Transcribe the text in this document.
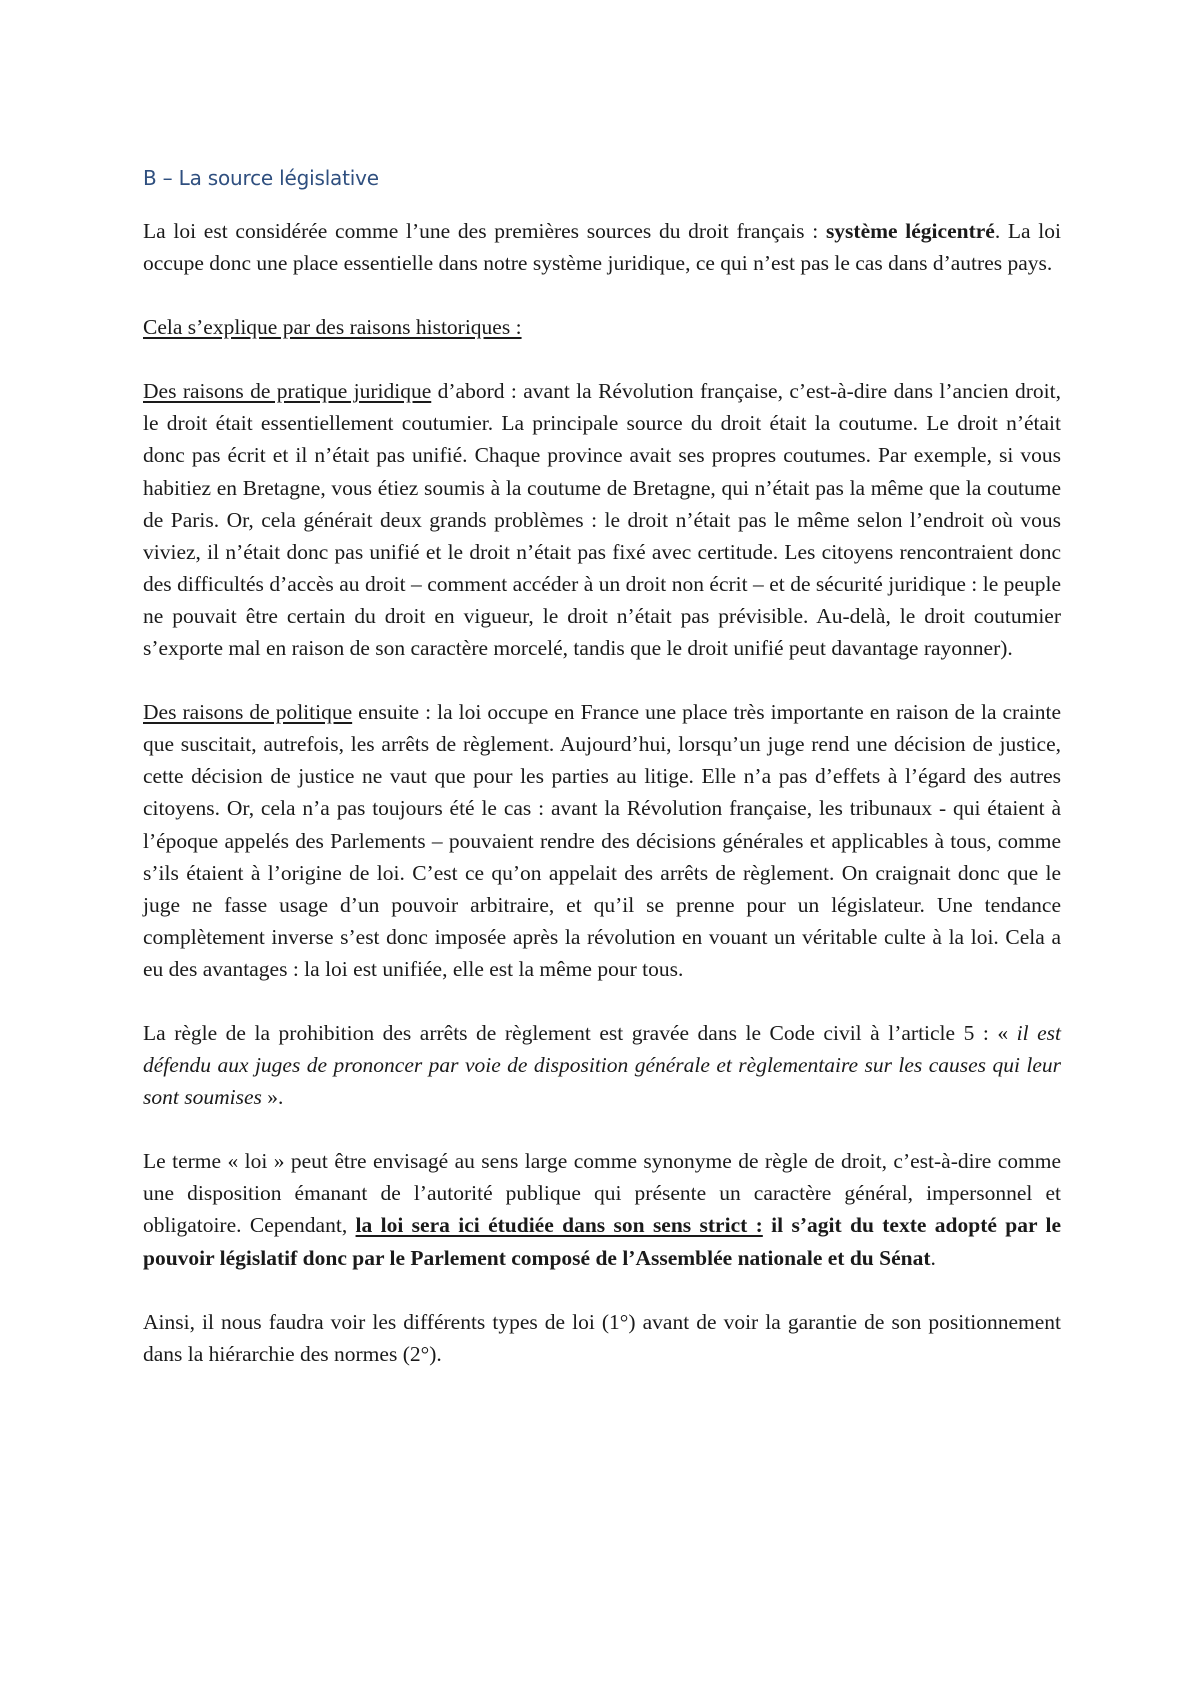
B – La source législative

La loi est considérée comme l’une des premières sources du droit français : système légicentré. La loi occupe donc une place essentielle dans notre système juridique, ce qui n’est pas le cas dans d’autres pays.

Cela s’explique par des raisons historiques :

Des raisons de pratique juridique d’abord : avant la Révolution française, c’est-à-dire dans l’ancien droit, le droit était essentiellement coutumier. La principale source du droit était la coutume. Le droit n’était donc pas écrit et il n’était pas unifié. Chaque province avait ses propres coutumes. Par exemple, si vous habitiez en Bretagne, vous étiez soumis à la coutume de Bretagne, qui n’était pas la même que la coutume de Paris. Or, cela générait deux grands problèmes : le droit n’était pas le même selon l’endroit où vous viviez, il n’était donc pas unifié et le droit n’était pas fixé avec certitude. Les citoyens rencontraient donc des difficultés d’accès au droit – comment accéder à un droit non écrit – et de sécurité juridique : le peuple ne pouvait être certain du droit en vigueur, le droit n’était pas prévisible. Au-delà, le droit coutumier s’exporte mal en raison de son caractère morcelé, tandis que le droit unifié peut davantage rayonner).

Des raisons de politique ensuite : la loi occupe en France une place très importante en raison de la crainte que suscitait, autrefois, les arrêts de règlement. Aujourd’hui, lorsqu’un juge rend une décision de justice, cette décision de justice ne vaut que pour les parties au litige. Elle n’a pas d’effets à l’égard des autres citoyens. Or, cela n’a pas toujours été le cas : avant la Révolution française, les tribunaux - qui étaient à l’époque appelés des Parlements – pouvaient rendre des décisions générales et applicables à tous, comme s’ils étaient à l’origine de loi. C’est ce qu’on appelait des arrêts de règlement. On craignait donc que le juge ne fasse usage d’un pouvoir arbitraire, et qu’il se prenne pour un législateur. Une tendance complètement inverse s’est donc imposée après la révolution en vouant un véritable culte à la loi. Cela a eu des avantages : la loi est unifiée, elle est la même pour tous.

La règle de la prohibition des arrêts de règlement est gravée dans le Code civil à l’article 5 : « il est défendu aux juges de prononcer par voie de disposition générale et règlementaire sur les causes qui leur sont soumises ».

Le terme « loi » peut être envisagé au sens large comme synonyme de règle de droit, c’est-à-dire comme une disposition émanant de l’autorité publique qui présente un caractère général, impersonnel et obligatoire. Cependant, la loi sera ici étudiée dans son sens strict : il s’agit du texte adopté par le pouvoir législatif donc par le Parlement composé de l’Assemblée nationale et du Sénat.

Ainsi, il nous faudra voir les différents types de loi (1°) avant de voir la garantie de son positionnement dans la hiérarchie des normes (2°).
